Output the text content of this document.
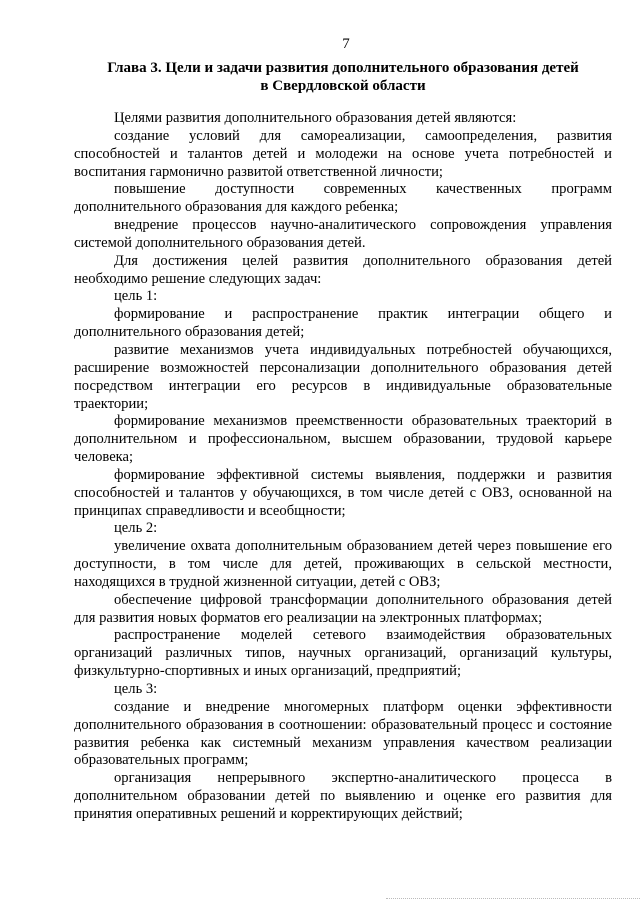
7
Глава 3. Цели и задачи развития дополнительного образования детей
в Свердловской области

Целями развития дополнительного образования детей являются:

создание условий для самореализации, самоопределения, развития способностей и талантов детей и молодежи на основе учета потребностей и воспитания гармонично развитой ответственной личности;

повышение доступности современных качественных программ дополнительного образования для каждого ребенка;

внедрение процессов научно-аналитического сопровождения управления системой дополнительного образования детей.

Для достижения целей развития дополнительного образования детей необходимо решение следующих задач:

цель 1:

формирование и распространение практик интеграции общего и дополнительного образования детей;

развитие механизмов учета индивидуальных потребностей обучающихся, расширение возможностей персонализации дополнительного образования детей посредством интеграции его ресурсов в индивидуальные образовательные траектории;

формирование механизмов преемственности образовательных траекторий в дополнительном и профессиональном, высшем образовании, трудовой карьере человека;

формирование эффективной системы выявления, поддержки и развития способностей и талантов у обучающихся, в том числе детей с ОВЗ, основанной на принципах справедливости и всеобщности;

цель 2:

увеличение охвата дополнительным образованием детей через повышение его доступности, в том числе для детей, проживающих в сельской местности, находящихся в трудной жизненной ситуации, детей с ОВЗ;

обеспечение цифровой трансформации дополнительного образования детей для развития новых форматов его реализации на электронных платформах;

распространение моделей сетевого взаимодействия образовательных организаций различных типов, научных организаций, организаций культуры, физкультурно-спортивных и иных организаций, предприятий;

цель 3:

создание и внедрение многомерных платформ оценки эффективности дополнительного образования в соотношении: образовательный процесс и состояние развития ребенка как системный механизм управления качеством реализации образовательных программ;

организация непрерывного экспертно-аналитического процесса в дополнительном образовании детей по выявлению и оценке его развития для принятия оперативных решений и корректирующих действий;
